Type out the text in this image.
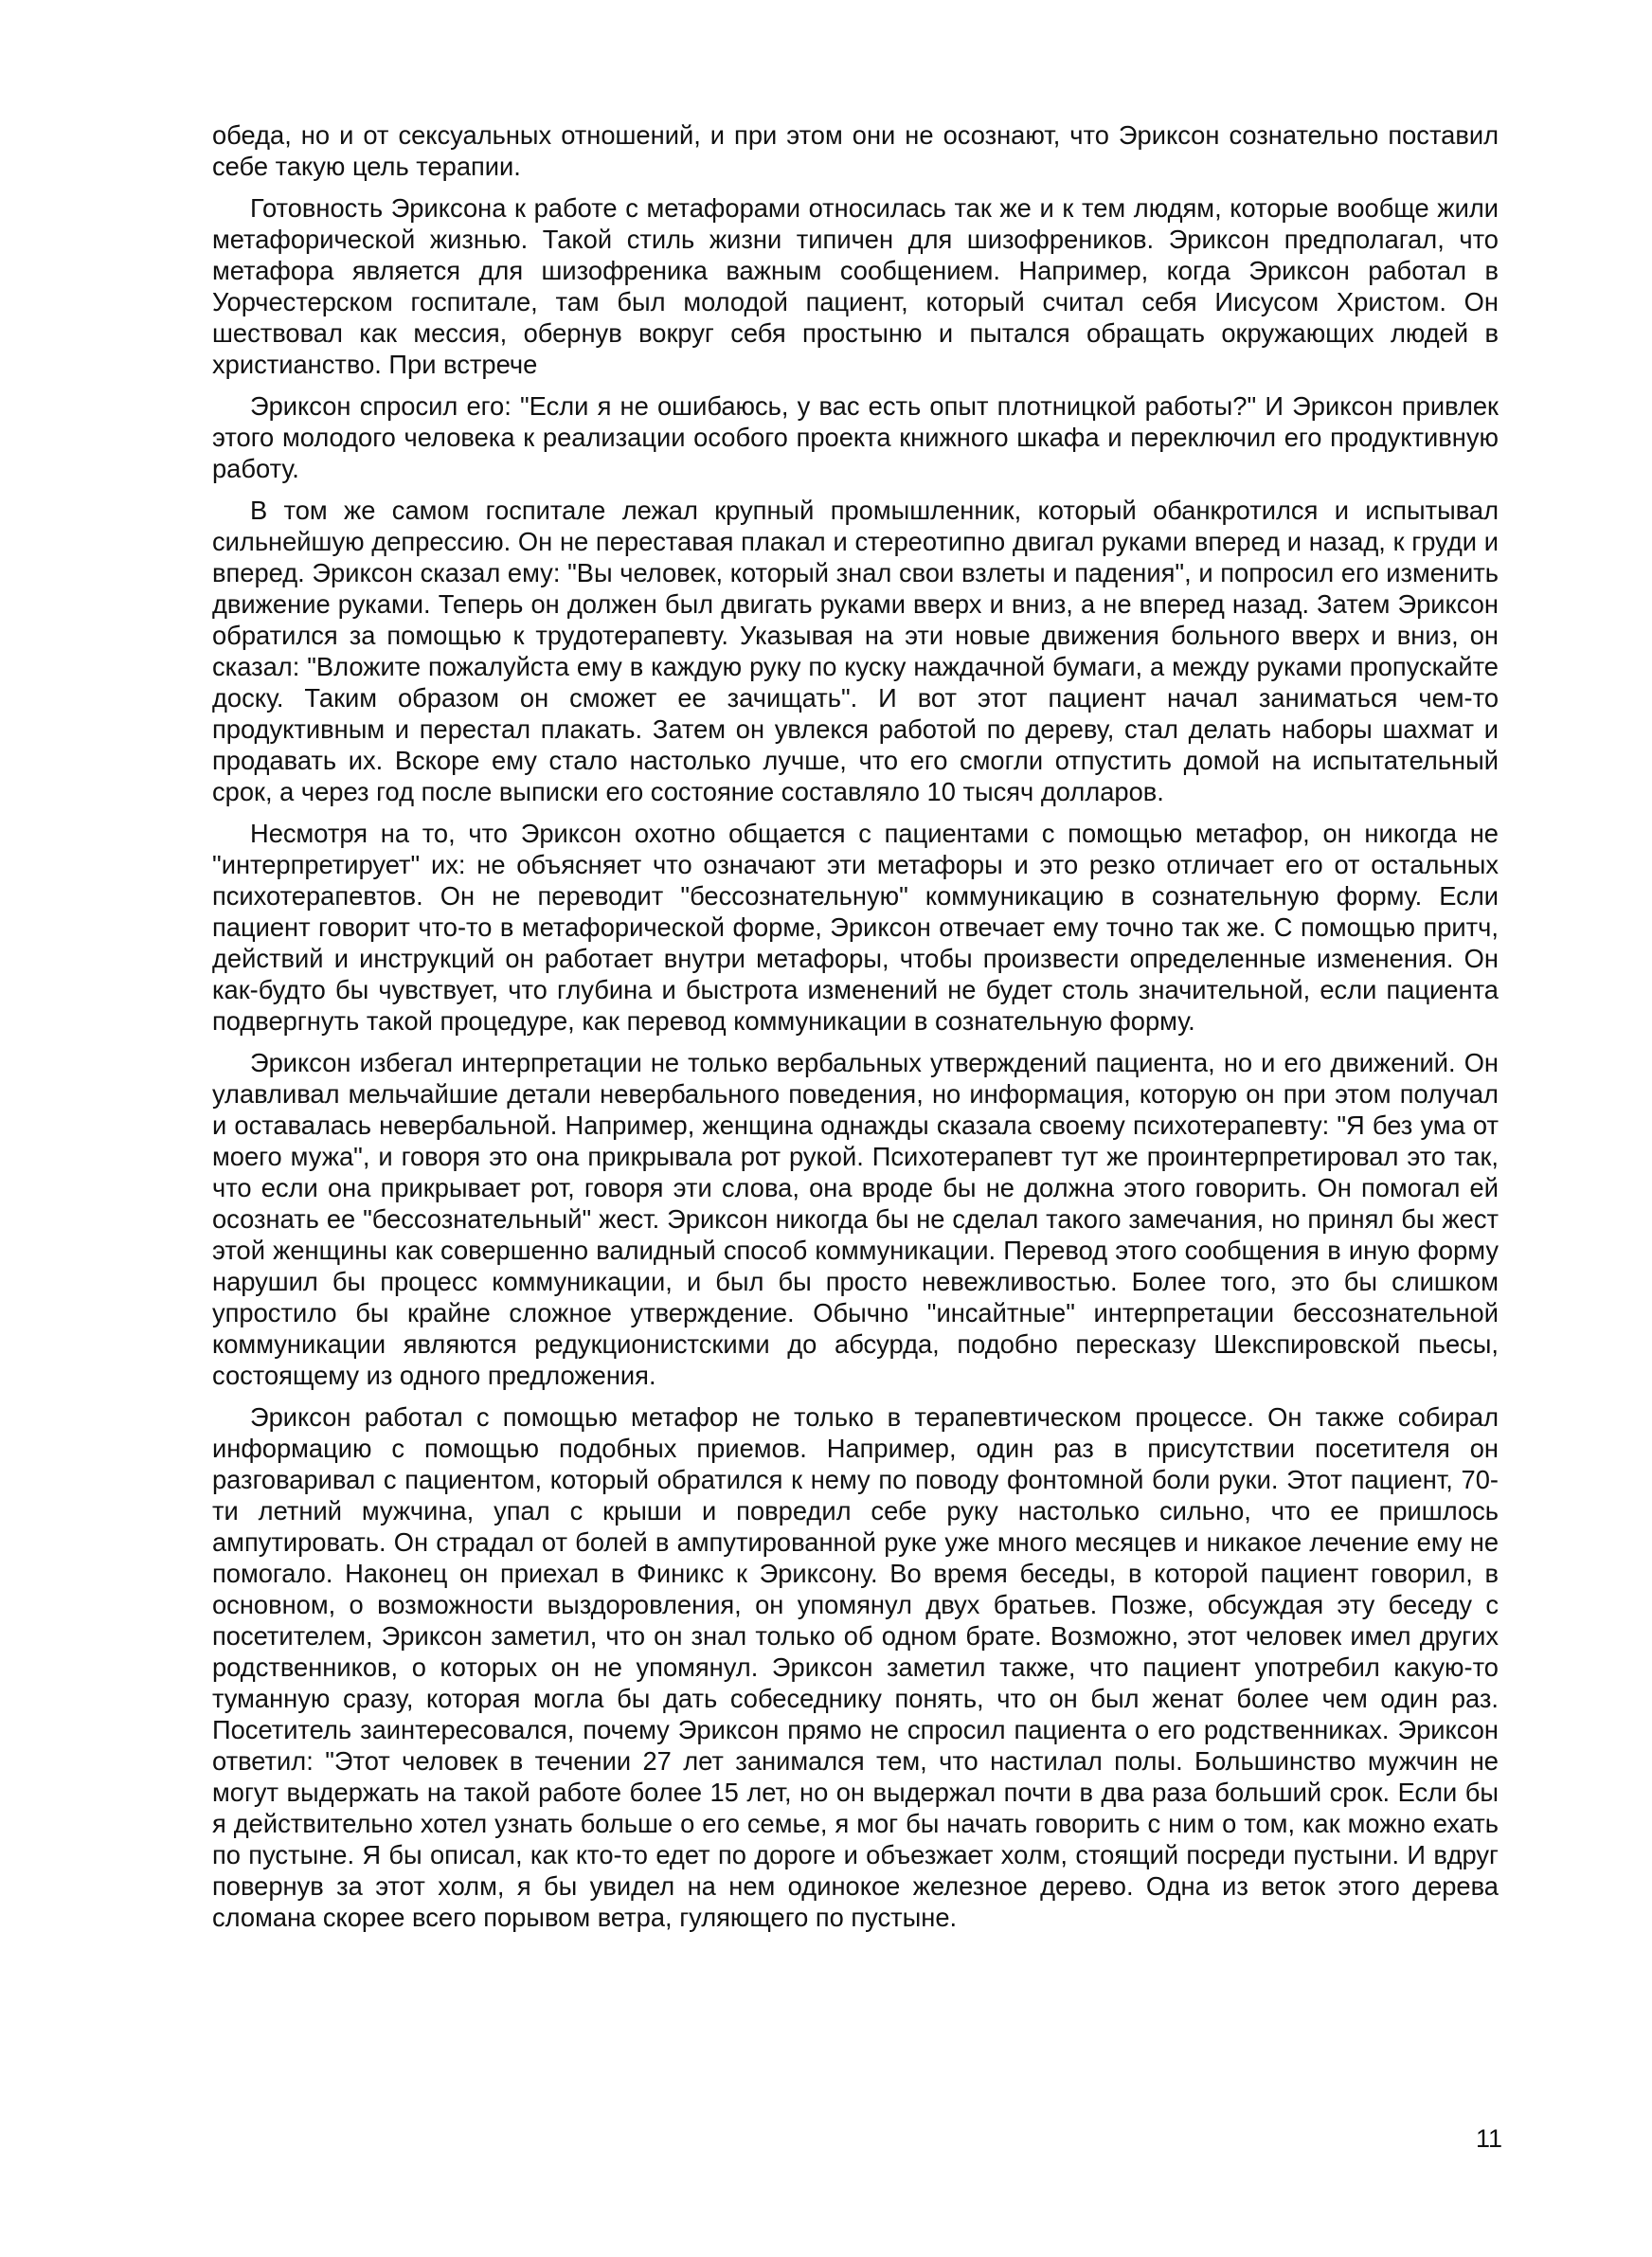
обеда, но и от сексуальных отношений, и при этом они не осознают, что Эриксон сознательно поставил себе такую цель терапии.

Готовность Эриксона к работе с метафорами относилась так же и к тем людям, которые вообще жили метафорической жизнью. Такой стиль жизни типичен для шизофреников. Эриксон предполагал, что метафора является для шизофреника важным сообщением. Например, когда Эриксон работал в Уорчестерском госпитале, там был молодой пациент, который считал себя Иисусом Христом. Он шествовал как мессия, обернув вокруг себя простыню и пытался обращать окружающих людей в христианство. При встрече

Эриксон спросил его: "Если я не ошибаюсь, у вас есть опыт плотницкой работы?" И Эриксон привлек этого молодого человека к реализации особого проекта книжного шкафа и переключил его продуктивную работу.

В том же самом госпитале лежал крупный промышленник, который обанкротился и испытывал сильнейшую депрессию. Он не переставая плакал и стереотипно двигал руками вперед и назад, к груди и вперед. Эриксон сказал ему: "Вы человек, который знал свои взлеты и падения", и попросил его изменить движение руками. Теперь он должен был двигать руками вверх и вниз, а не вперед назад. Затем Эриксон обратился за помощью к трудотерапевту. Указывая на эти новые движения больного вверх и вниз, он сказал: "Вложите пожалуйста ему в каждую руку по куску наждачной бумаги, а между руками пропускайте доску. Таким образом он сможет ее зачищать". И вот этот пациент начал заниматься чем-то продуктивным и перестал плакать. Затем он увлекся работой по дереву, стал делать наборы шахмат и продавать их. Вскоре ему стало настолько лучше, что его смогли отпустить домой на испытательный срок, а через год после выписки его состояние составляло 10 тысяч долларов.

Несмотря на то, что Эриксон охотно общается с пациентами с помощью метафор, он никогда не "интерпретирует" их: не объясняет что означают эти метафоры и это резко отличает его от остальных психотерапевтов. Он не переводит "бессознательную" коммуникацию в сознательную форму. Если пациент говорит что-то в метафорической форме, Эриксон отвечает ему точно так же. С помощью притч, действий и инструкций он работает внутри метафоры, чтобы произвести определенные изменения. Он как-будто бы чувствует, что глубина и быстрота изменений не будет столь значительной, если пациента подвергнуть такой процедуре, как перевод коммуникации в сознательную форму.

Эриксон избегал интерпретации не только вербальных утверждений пациента, но и его движений. Он улавливал мельчайшие детали невербального поведения, но информация, которую он при этом получал и оставалась невербальной. Например, женщина однажды сказала своему психотерапевту: "Я без ума от моего мужа", и говоря это она прикрывала рот рукой. Психотерапевт тут же проинтерпретировал это так, что если она прикрывает рот, говоря эти слова, она вроде бы не должна этого говорить. Он помогал ей осознать ее "бессознательный" жест. Эриксон никогда бы не сделал такого замечания, но принял бы жест этой женщины как совершенно валидный способ коммуникации. Перевод этого сообщения в иную форму нарушил бы процесс коммуникации, и был бы просто невежливостью. Более того, это бы слишком упростило бы крайне сложное утверждение. Обычно "инсайтные" интерпретации бессознательной коммуникации являются редукционистскими до абсурда, подобно пересказу Шекспировской пьесы, состоящему из одного предложения.

Эриксон работал с помощью метафор не только в терапевтическом процессе. Он также собирал информацию с помощью подобных приемов. Например, один раз в присутствии посетителя он разговаривал с пациентом, который обратился к нему по поводу фонтомной боли руки. Этот пациент, 70-ти летний мужчина, упал с крыши и повредил себе руку настолько сильно, что ее пришлось ампутировать. Он страдал от болей в ампутированной руке уже много месяцев и никакое лечение ему не помогало. Наконец он приехал в Финикс к Эриксону. Во время беседы, в которой пациент говорил, в основном, о возможности выздоровления, он упомянул двух братьев. Позже, обсуждая эту беседу с посетителем, Эриксон заметил, что он знал только об одном брате. Возможно, этот человек имел других родственников, о которых он не упомянул. Эриксон заметил также, что пациент употребил какую-то туманную сразу, которая могла бы дать собеседнику понять, что он был женат более чем один раз. Посетитель заинтересовался, почему Эриксон прямо не спросил пациента о его родственниках. Эриксон ответил: "Этот человек в течении 27 лет занимался тем, что настилал полы. Большинство мужчин не могут выдержать на такой работе более 15 лет, но он выдержал почти в два раза больший срок. Если бы я действительно хотел узнать больше о его семье, я мог бы начать говорить с ним о том, как можно ехать по пустыне. Я бы описал, как кто-то едет по дороге и объезжает холм, стоящий посреди пустыни. И вдруг повернув за этот холм, я бы увидел на нем одинокое железное дерево. Одна из веток этого дерева сломана скорее всего порывом ветра, гуляющего по пустыне.

11
